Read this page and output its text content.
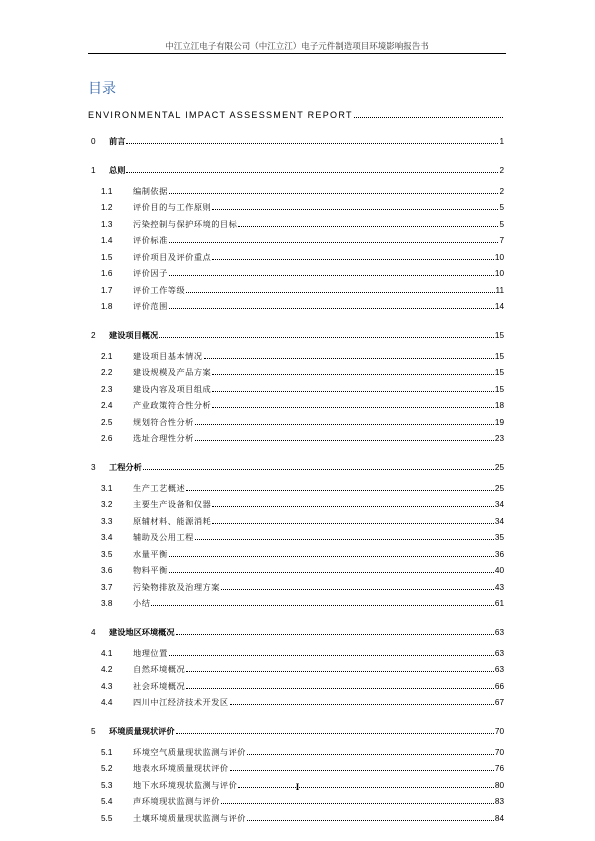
中江立江电子有限公司（中江立江）电子元件制造项目环境影响报告书
目录
ENVIRONMENTAL IMPACT ASSESSMENT REPORT
0	前言	1
1	总则	2
1.1	编制依据	2
1.2	评价目的与工作原则	5
1.3	污染控制与保护环境的目标	5
1.4	评价标准	7
1.5	评价项目及评价重点	10
1.6	评价因子	10
1.7	评价工作等级	11
1.8	评价范围	14
2	建设项目概况	15
2.1	建设项目基本情况	15
2.2	建设规模及产品方案	15
2.3	建设内容及项目组成	15
2.4	产业政策符合性分析	18
2.5	规划符合性分析	19
2.6	选址合理性分析	23
3	工程分析	25
3.1	生产工艺概述	25
3.2	主要生产设备和仪器	34
3.3	原辅材料、能源消耗	34
3.4	辅助及公用工程	35
3.5	水量平衡	36
3.6	物料平衡	40
3.7	污染物排放及治理方案	43
3.8	小结	61
4	建设地区环境概况	63
4.1	地理位置	63
4.2	自然环境概况	63
4.3	社会环境概况	66
4.4	四川中江经济技术开发区	67
5	环境质量现状评价	70
5.1	环境空气质量现状监测与评价	70
5.2	地表水环境质量现状评价	76
5.3	地下水环境现状监测与评价	80
5.4	声环境现状监测与评价	83
5.5	土壤环境质量现状监测与评价	84
I
